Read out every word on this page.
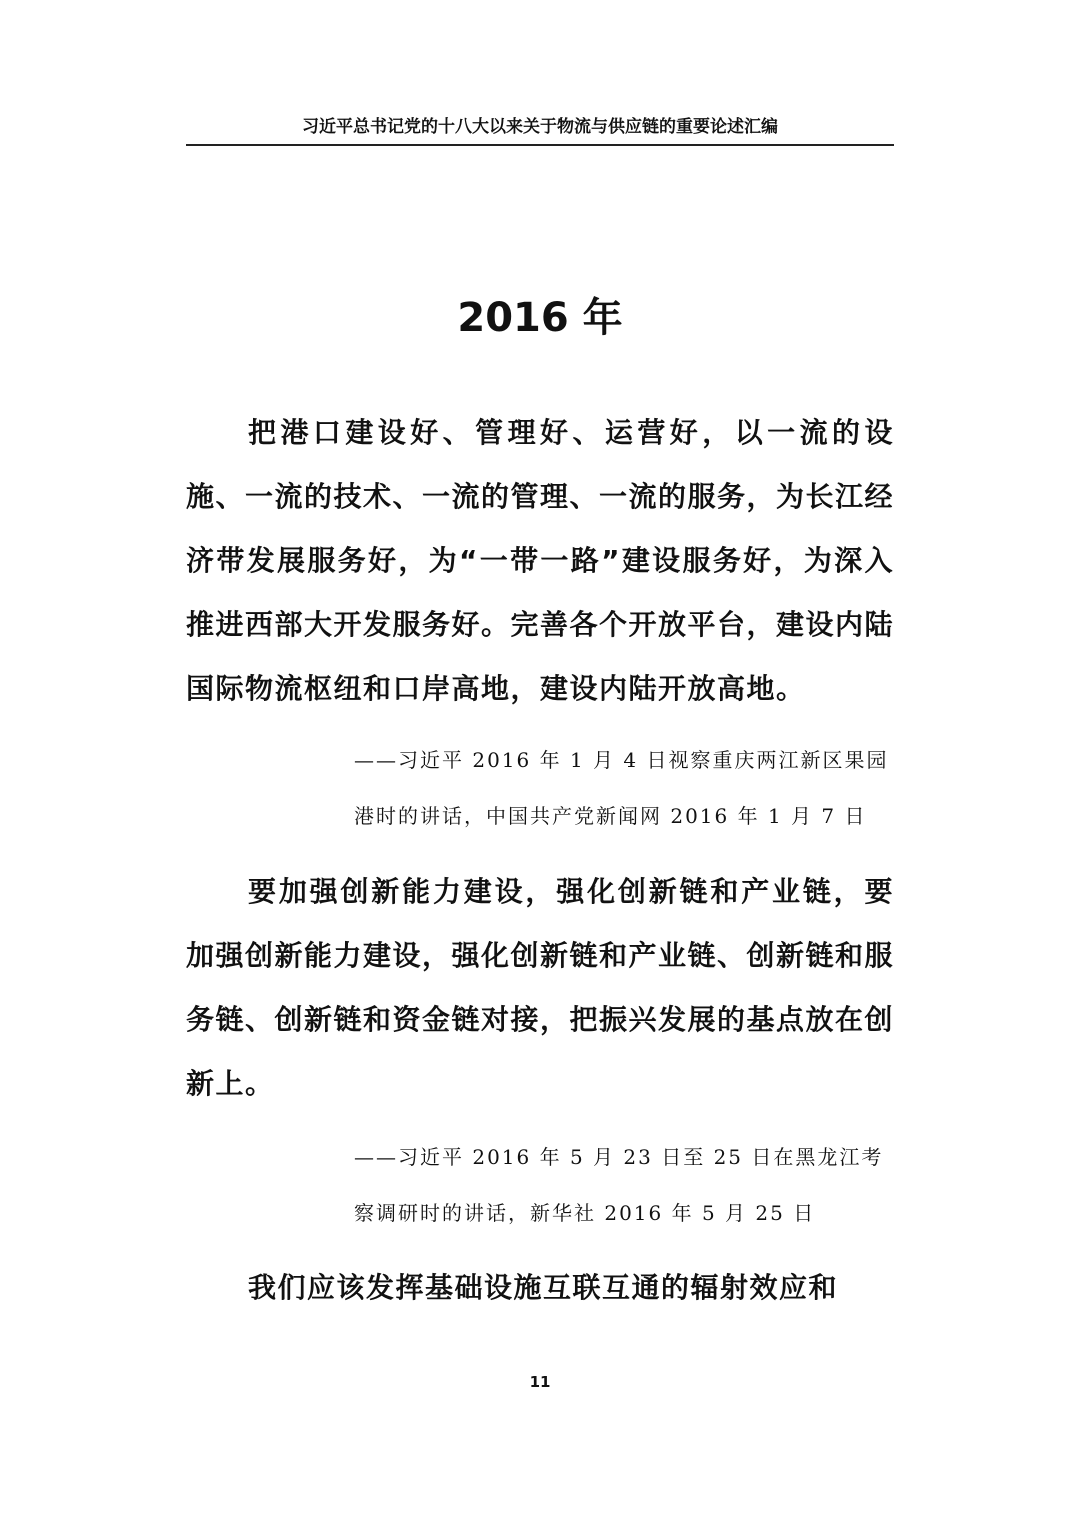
习近平总书记党的十八大以来关于物流与供应链的重要论述汇编
2016 年

把港口建设好、管理好、运营好，以一流的设施、一流的技术、一流的管理、一流的服务，为长江经济带发展服务好，为“一带一路”建设服务好，为深入推进西部大开发服务好。完善各个开放平台，建设内陆国际物流枢纽和口岸高地，建设内陆开放高地。

——习近平 2016 年 1 月 4 日视察重庆两江新区果园
港时的讲话，中国共产党新闻网 2016 年 1 月 7 日

要加强创新能力建设，强化创新链和产业链，要加强创新能力建设，强化创新链和产业链、创新链和服务链、创新链和资金链对接，把振兴发展的基点放在创新上。

——习近平 2016 年 5 月 23 日至 25 日在黑龙江考
察调研时的讲话，新华社 2016 年 5 月 25 日

我们应该发挥基础设施互联互通的辐射效应和

11
